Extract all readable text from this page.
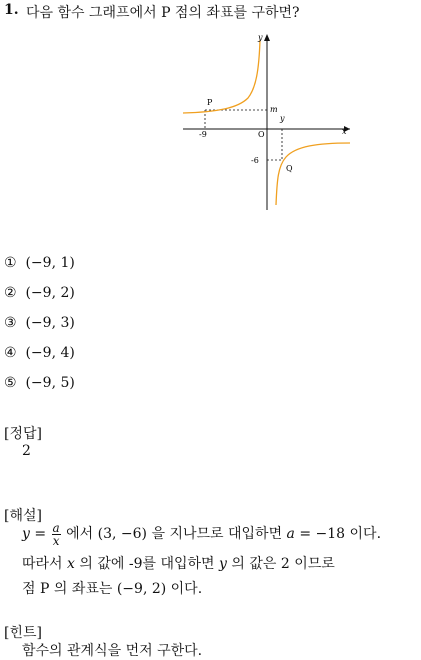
1. 다음 함수 그래프에서 P 점의 좌표를 구하면?
y
x
O
P
Q
m
y
-9
-6
① (−9, 1)
② (−9, 2)
③ (−9, 3)
④ (−9, 4)
⑤ (−9, 5)
[정답]
2
[해설]
$y = \frac{a}{x}$ 에서 (3, −6) 을 지나므로 대입하면 a = −18 이다.
따라서 x 의 값에 -9를 대입하면 y 의 값은 2 이므로
점 P 의 좌표는 (−9, 2) 이다.
[힌트]
함수의 관계식을 먼저 구한다.
